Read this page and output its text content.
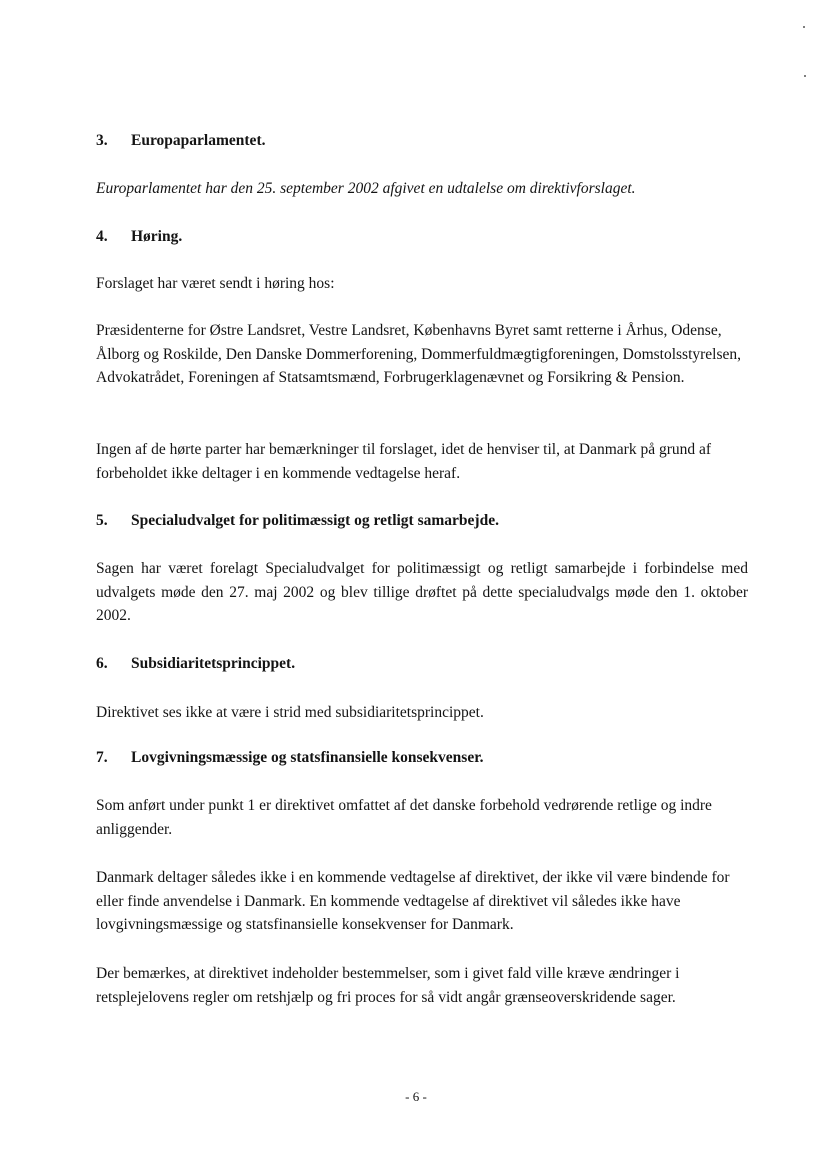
3. Europaparlamentet.
Europarlamentet har den 25. september 2002 afgivet en udtalelse om direktivforslaget.
4. Høring.
Forslaget har været sendt i høring hos:
Præsidenterne for Østre Landsret, Vestre Landsret, Københavns Byret samt retterne i Århus, Odense, Ålborg og Roskilde, Den Danske Dommerforening, Dommerfuldmægtigforeningen, Domstolsstyrelsen, Advokatrådet, Foreningen af Statsamtsmænd, Forbrugerklagenævnet og Forsikring & Pension.
Ingen af de hørte parter har bemærkninger til forslaget, idet de henviser til, at Danmark på grund af forbeholdet ikke deltager i en kommende vedtagelse heraf.
5. Specialudvalget for politimæssigt og retligt samarbejde.
Sagen har været forelagt Specialudvalget for politimæssigt og retligt samarbejde i forbindelse med udvalgets møde den 27. maj 2002 og blev tillige drøftet på dette specialudvalgs møde den 1. oktober 2002.
6. Subsidiaritetsprincippet.
Direktivet ses ikke at være i strid med subsidiaritetsprincippet.
7. Lovgivningsmæssige og statsfinansielle konsekvenser.
Som anført under punkt 1 er direktivet omfattet af det danske forbehold vedrørende retlige og indre anliggender.
Danmark deltager således ikke i en kommende vedtagelse af direktivet, der ikke vil være bindende for eller finde anvendelse i Danmark. En kommende vedtagelse af direktivet vil således ikke have lovgivningsmæssige og statsfinansielle konsekvenser for Danmark.
Der bemærkes, at direktivet indeholder bestemmelser, som i givet fald ville kræve ændringer i retsplejelovens regler om retshjælp og fri proces for så vidt angår grænseoverskridende sager.
- 6 -
